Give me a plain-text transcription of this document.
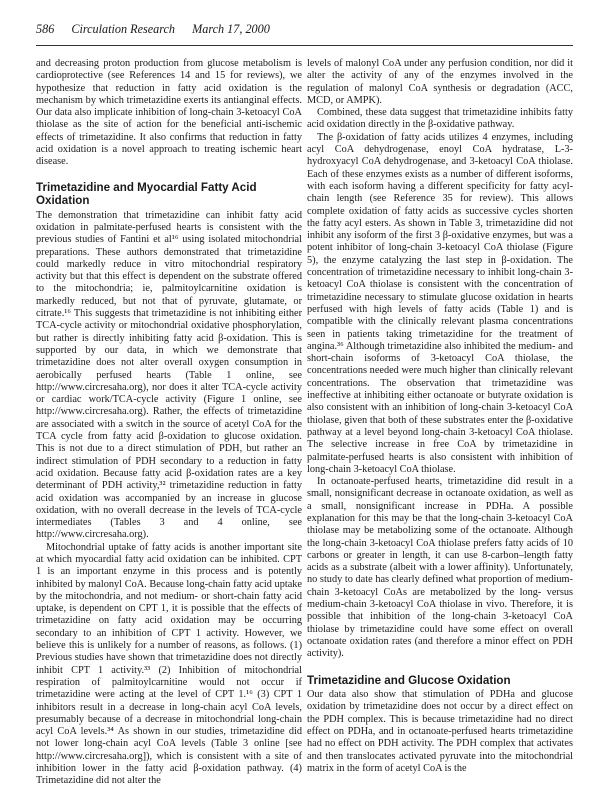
586 Circulation Research March 17, 2000

and decreasing proton production from glucose metabolism is cardioprotective (see References 14 and 15 for reviews), we hypothesize that reduction in fatty acid oxidation is the mechanism by which trimetazidine exerts its antianginal effects. Our data also implicate inhibition of long-chain 3-ketoacyl CoA thiolase as the site of action for the beneficial anti-ischemic effects of trimetazidine. It also confirms that reduction in fatty acid oxidation is a novel approach to treating ischemic heart disease.

Trimetazidine and Myocardial Fatty Acid Oxidation

The demonstration that trimetazidine can inhibit fatty acid oxidation in palmitate-perfused hearts is consistent with the previous studies of Fantini et al¹⁶ using isolated mitochondrial preparations. These authors demonstrated that trimetazidine could markedly reduce in vitro mitochondrial respiratory activity but that this effect is dependent on the substrate offered to the mitochondria; ie, palmitoylcarnitine oxidation is markedly reduced, but not that of pyruvate, glutamate, or citrate.¹⁶ This suggests that trimetazidine is not inhibiting either TCA-cycle activity or mitochondrial oxidative phosphorylation, but rather is directly inhibiting fatty acid β-oxidation. This is supported by our data, in which we demonstrate that trimetazidine does not alter overall oxygen consumption in aerobically perfused hearts (Table 1 online, see http://www.circresaha.org), nor does it alter TCA-cycle activity or cardiac work/TCA-cycle activity (Figure 1 online, see http://www.circresaha.org). Rather, the effects of trimetazidine are associated with a switch in the source of acetyl CoA for the TCA cycle from fatty acid β-oxidation to glucose oxidation. This is not due to a direct stimulation of PDH, but rather an indirect stimulation of PDH secondary to a reduction in fatty acid oxidation. Because fatty acid β-oxidation rates are a key determinant of PDH activity,³² trimetazidine reduction in fatty acid oxidation was accompanied by an increase in glucose oxidation, with no overall decrease in the levels of TCA-cycle intermediates (Tables 3 and 4 online, see http://www.circresaha.org).

Mitochondrial uptake of fatty acids is another important site at which myocardial fatty acid oxidation can be inhibited. CPT 1 is an important enzyme in this process and is potently inhibited by malonyl CoA. Because long-chain fatty acid uptake by the mitochondria, and not medium- or short-chain fatty acid uptake, is dependent on CPT 1, it is possible that the effects of trimetazidine on fatty acid oxidation may be occurring secondary to an inhibition of CPT 1 activity. However, we believe this is unlikely for a number of reasons, as follows. (1) Previous studies have shown that trimetazidine does not directly inhibit CPT 1 activity.³³ (2) Inhibition of mitochondrial respiration of palmitoylcarnitine would not occur if trimetazidine were acting at the level of CPT 1.¹⁶ (3) CPT 1 inhibitors result in a decrease in long-chain acyl CoA levels, presumably because of a decrease in mitochondrial long-chain acyl CoA levels.³⁴ As shown in our studies, trimetazidine did not lower long-chain acyl CoA levels (Table 3 online [see http://www.circresaha.org]), which is consistent with a site of inhibition lower in the fatty acid β-oxidation pathway. (4) Trimetazidine did not alter the

levels of malonyl CoA under any perfusion condition, nor did it alter the activity of any of the enzymes involved in the regulation of malonyl CoA synthesis or degradation (ACC, MCD, or AMPK).

Combined, these data suggest that trimetazidine inhibits fatty acid oxidation directly in the β-oxidative pathway.

The β-oxidation of fatty acids utilizes 4 enzymes, including acyl CoA dehydrogenase, enoyl CoA hydratase, L-3-hydroxyacyl CoA dehydrogenase, and 3-ketoacyl CoA thiolase. Each of these enzymes exists as a number of different isoforms, with each isoform having a different specificity for fatty acyl-chain length (see Reference 35 for review). This allows complete oxidation of fatty acids as successive cycles shorten the fatty acyl esters. As shown in Table 3, trimetazidine did not inhibit any isoform of the first 3 β-oxidative enzymes, but was a potent inhibitor of long-chain 3-ketoacyl CoA thiolase (Figure 5), the enzyme catalyzing the last step in β-oxidation. The concentration of trimetazidine necessary to inhibit long-chain 3-ketoacyl CoA thiolase is consistent with the concentration of trimetazidine necessary to stimulate glucose oxidation in hearts perfused with high levels of fatty acids (Table 1) and is compatible with the clinically relevant plasma concentrations seen in patients taking trimetazidine for the treatment of angina.³⁶ Although trimetazidine also inhibited the medium- and short-chain isoforms of 3-ketoacyl CoA thiolase, the concentrations needed were much higher than clinically relevant concentrations. The observation that trimetazidine was ineffective at inhibiting either octanoate or butyrate oxidation is also consistent with an inhibition of long-chain 3-ketoacyl CoA thiolase, given that both of these substrates enter the β-oxidative pathway at a level beyond long-chain 3-ketoacyl CoA thiolase. The selective increase in free CoA by trimetazidine in palmitate-perfused hearts is also consistent with inhibition of long-chain 3-ketoacyl CoA thiolase.

In octanoate-perfused hearts, trimetazidine did result in a small, nonsignificant decrease in octanoate oxidation, as well as a small, nonsignificant increase in PDHa. A possible explanation for this may be that the long-chain 3-ketoacyl CoA thiolase may be metabolizing some of the octanoate. Although the long-chain 3-ketoacyl CoA thiolase prefers fatty acids of 10 carbons or greater in length, it can use 8-carbon–length fatty acids as a substrate (albeit with a lower affinity). Unfortunately, no study to date has clearly defined what proportion of medium-chain 3-ketoacyl CoAs are metabolized by the long- versus medium-chain 3-ketoacyl CoA thiolase in vivo. Therefore, it is possible that inhibition of the long-chain 3-ketoacyl CoA thiolase by trimetazidine could have some effect on overall octanoate oxidation rates (and therefore a minor effect on PDH activity).

Trimetazidine and Glucose Oxidation

Our data also show that stimulation of PDHa and glucose oxidation by trimetazidine does not occur by a direct effect on the PDH complex. This is because trimetazidine had no direct effect on PDHa, and in octanoate-perfused hearts trimetazidine had no effect on PDH activity. The PDH complex that activates and then translocates activated pyruvate into the mitochondrial matrix in the form of acetyl CoA is the
